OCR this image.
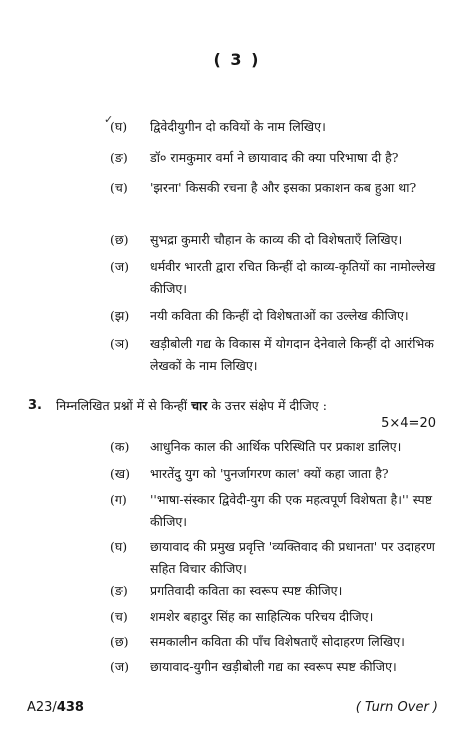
( 3 )
✓
(घ)	द्विवेदीयुगीन दो कवियों के नाम लिखिए।
(ङ)	डॉ० रामकुमार वर्मा ने छायावाद की क्या परिभाषा दी है?
(च)	'झरना' किसकी रचना है और इसका प्रकाशन कब हुआ था?
(छ)	सुभद्रा कुमारी चौहान के काव्य की दो विशेषताएँ लिखिए।
(ज)	धर्मवीर भारती द्वारा रचित किन्हीं दो काव्य-कृतियों का नामोल्लेख कीजिए।
(झ)	नयी कविता की किन्हीं दो विशेषताओं का उल्लेख कीजिए।
(ञ)	खड़ीबोली गद्य के विकास में योगदान देनेवाले किन्हीं दो आरंभिक लेखकों के नाम लिखिए।
3.	निम्नलिखित प्रश्नों में से किन्हीं चार के उत्तर संक्षेप में दीजिए :
5×4=20
(क)	आधुनिक काल की आर्थिक परिस्थिति पर प्रकाश डालिए।
(ख)	भारतेंदु युग को 'पुनर्जागरण काल' क्यों कहा जाता है?
(ग)	''भाषा-संस्कार द्विवेदी-युग की एक महत्वपूर्ण विशेषता है।'' स्पष्ट कीजिए।
(घ)	छायावाद की प्रमुख प्रवृत्ति 'व्यक्तिवाद की प्रधानता' पर उदाहरण सहित विचार कीजिए।
(ङ)	प्रगतिवादी कविता का स्वरूप स्पष्ट कीजिए।
(च)	शमशेर बहादुर सिंह का साहित्यिक परिचय दीजिए।
(छ)	समकालीन कविता की पाँच विशेषताएँ सोदाहरण लिखिए।
(ज)	छायावाद-युगीन खड़ीबोली गद्य का स्वरूप स्पष्ट कीजिए।
A23/438	( Turn Over )
